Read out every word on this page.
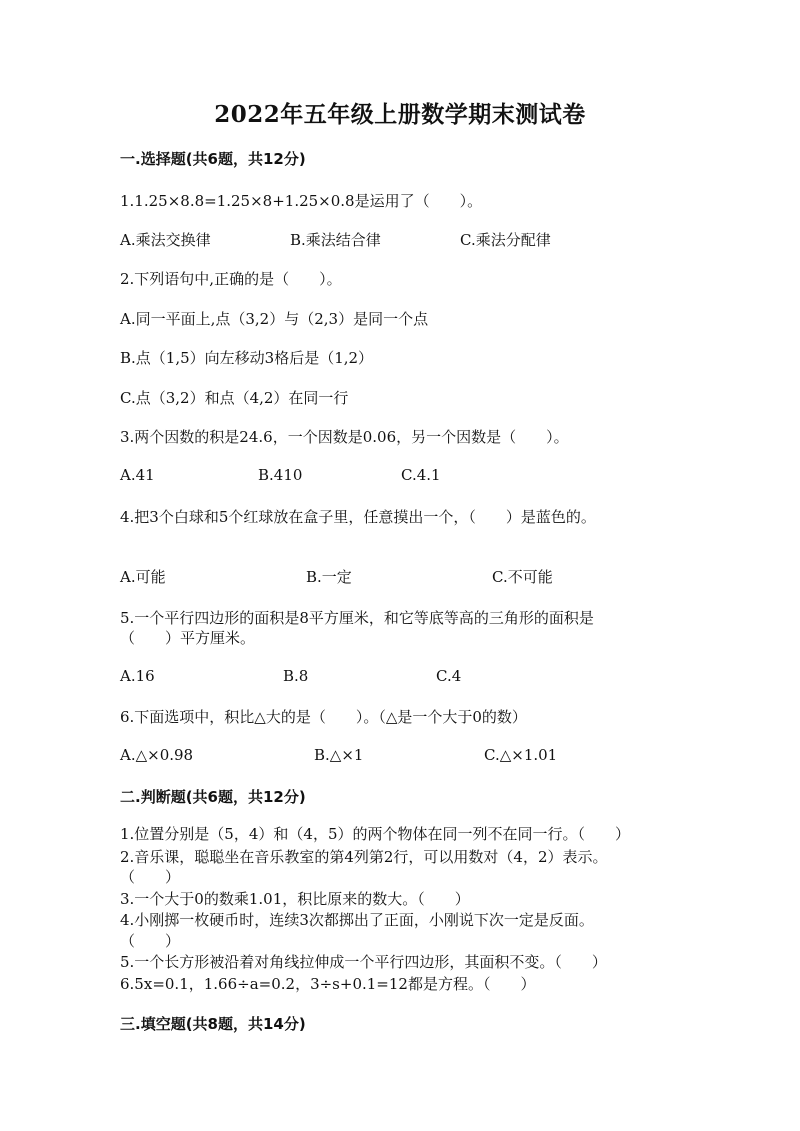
2022年五年级上册数学期末测试卷
一.选择题(共6题，共12分)
1.1.25×8.8=1.25×8+1.25×0.8是运用了（　　）。
A.乘法交换律	B.乘法结合律	C.乘法分配律
2.下列语句中,正确的是（　　）。
A.同一平面上,点（3,2）与（2,3）是同一个点
B.点（1,5）向左移动3格后是（1,2）
C.点（3,2）和点（4,2）在同一行
3.两个因数的积是24.6，一个因数是0.06，另一个因数是（　　）。
A.41	B.410	C.4.1
4.把3个白球和5个红球放在盒子里，任意摸出一个，（　　）是蓝色的。
A.可能	B.一定	C.不可能
5.一个平行四边形的面积是8平方厘米，和它等底等高的三角形的面积是
（　　）平方厘米。
A.16	B.8	C.4
6.下面选项中，积比△大的是（　　）。（△是一个大于0的数）
A.△×0.98	B.△×1	C.△×1.01
二.判断题(共6题，共12分)
1.位置分别是（5，4）和（4，5）的两个物体在同一列不在同一行。（　　）
2.音乐课，聪聪坐在音乐教室的第4列第2行，可以用数对（4，2）表示。
（　　）
3.一个大于0的数乘1.01，积比原来的数大。（　　）
4.小刚掷一枚硬币时，连续3次都掷出了正面，小刚说下次一定是反面。
（　　）
5.一个长方形被沿着对角线拉伸成一个平行四边形，其面积不变。（　　）
6.5x=0.1，1.66÷a=0.2，3÷s+0.1=12都是方程。（　　）
三.填空题(共8题，共14分)
